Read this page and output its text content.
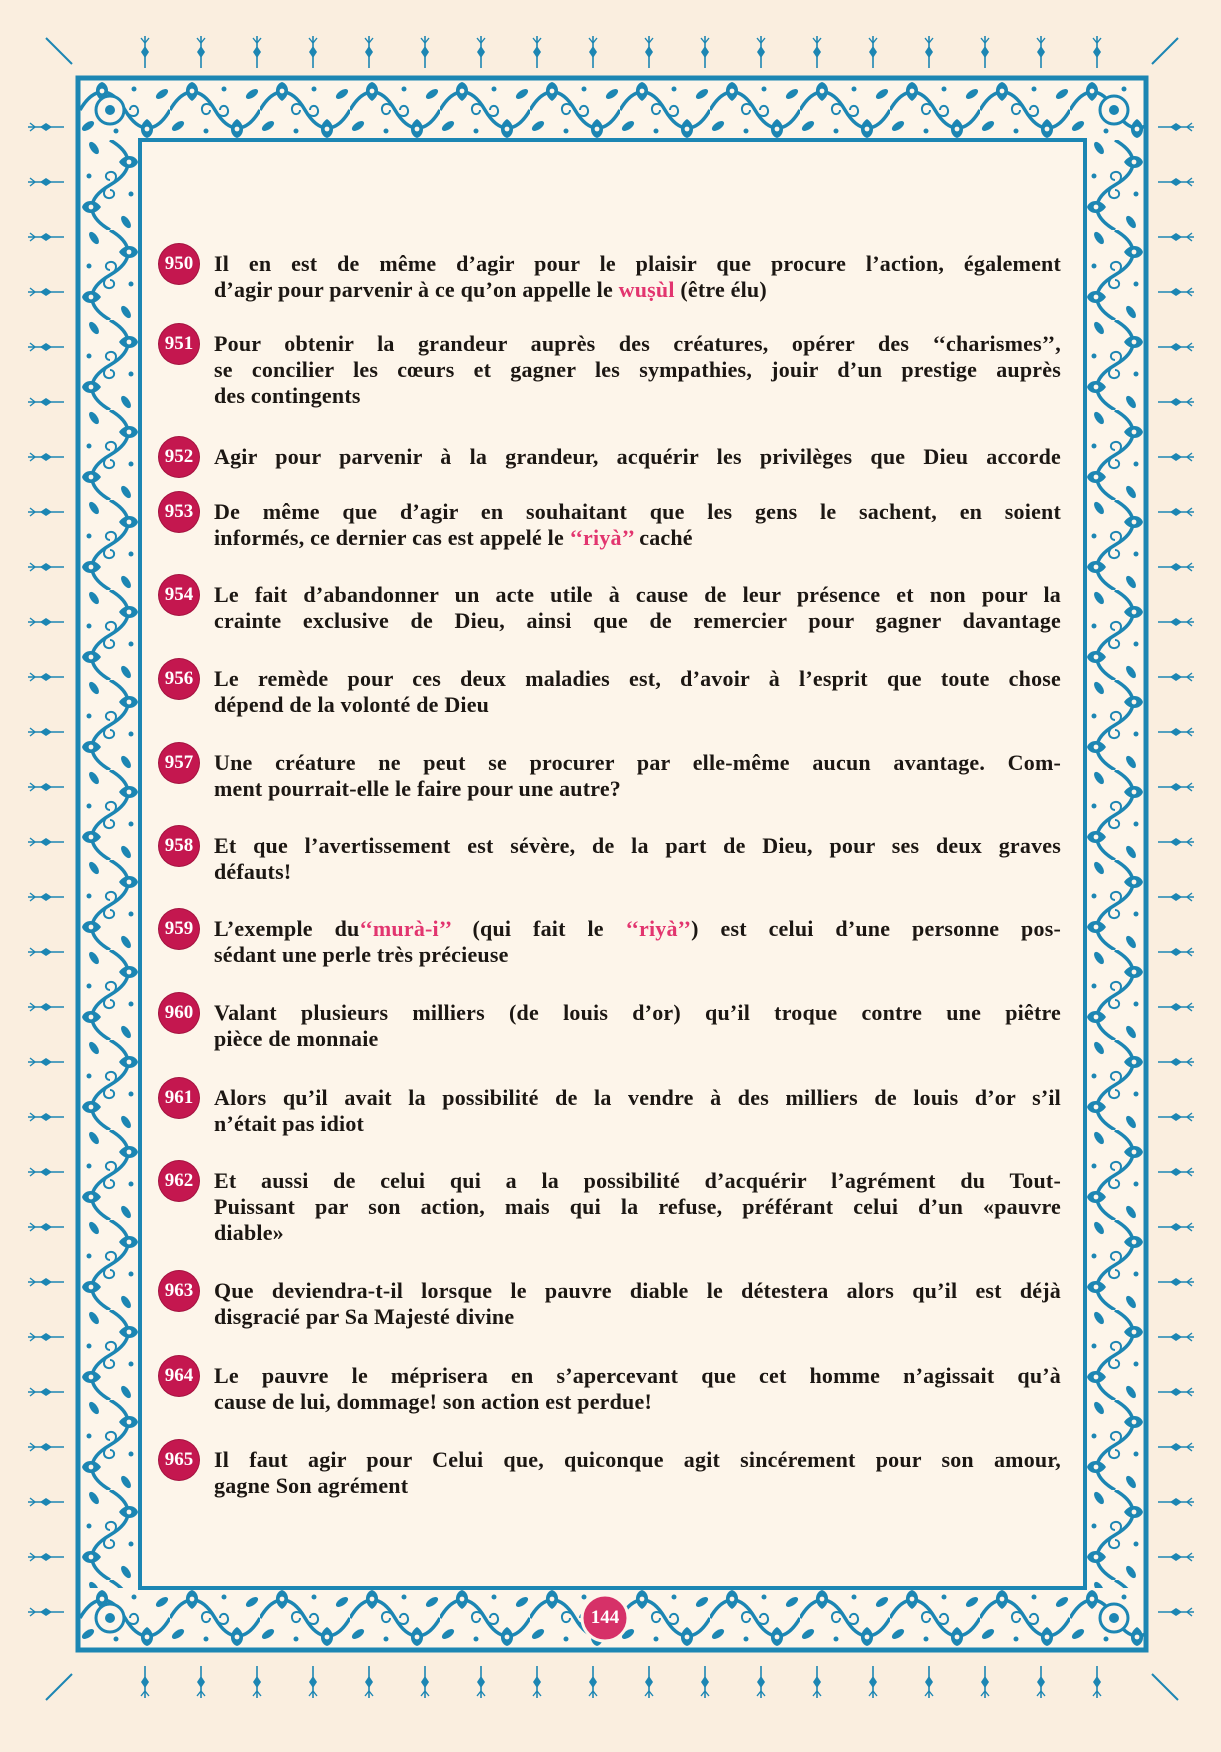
144
950 Il en est de même d’agir pour le plaisir que procure l’action, également
d’agir pour parvenir à ce qu’on appelle le wuṣùl (être élu)
951 Pour obtenir la grandeur auprès des créatures, opérer des ‘‘charismes’’,
se concilier les cœurs et gagner les sympathies, jouir d’un prestige auprès
des contingents
952 Agir pour parvenir à la grandeur, acquérir les privilèges que Dieu accorde
953 De même que d’agir en souhaitant que les gens le sachent, en soient
informés, ce dernier cas est appelé le ‘‘riyà’’ caché
954 Le fait d’abandonner un acte utile à cause de leur présence et non pour la
crainte exclusive de Dieu, ainsi que de remercier pour gagner davantage
956 Le remède pour ces deux maladies est, d’avoir à l’esprit que toute chose
dépend de la volonté de Dieu
957 Une créature ne peut se procurer par elle-même aucun avantage. Com-
ment pourrait-elle le faire pour une autre?
958 Et que l’avertissement est sévère, de la part de Dieu, pour ses deux graves
défauts!
959 L’exemple du‘‘murà-i’’ (qui fait le ‘‘riyà’’) est celui d’une personne pos-
sédant une perle très précieuse
960 Valant plusieurs milliers (de louis d’or) qu’il troque contre une piêtre
pièce de monnaie
961 Alors qu’il avait la possibilité de la vendre à des milliers de louis d’or s’il
n’était pas idiot
962 Et aussi de celui qui a la possibilité d’acquérir l’agrément du Tout-
Puissant par son action, mais qui la refuse, préférant celui d’un «pauvre
diable»
963 Que deviendra-t-il lorsque le pauvre diable le détestera alors qu’il est déjà
disgracié par Sa Majesté divine
964 Le pauvre le méprisera en s’apercevant que cet homme n’agissait qu’à
cause de lui, dommage! son action est perdue!
965 Il faut agir pour Celui que, quiconque agit sincérement pour son amour,
gagne Son agrément
